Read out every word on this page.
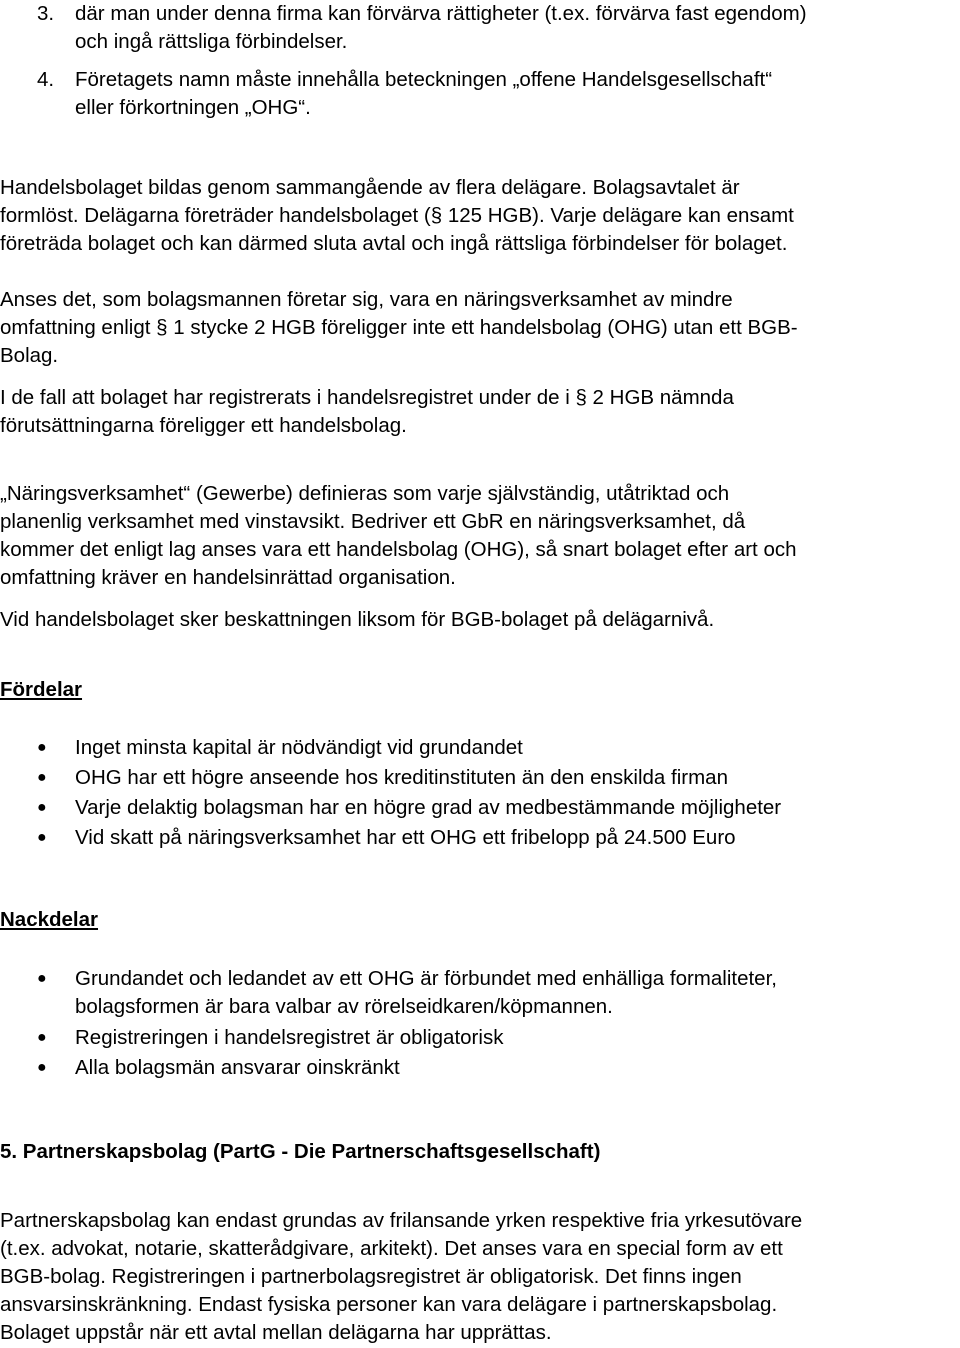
3. där man under denna firma kan förvärva rättigheter (t.ex. förvärva fast egendom)
och ingå rättsliga förbindelser.
4. Företagets namn måste innehålla beteckningen „offene Handelsgesellschaft“
eller förkortningen „OHG“.
Handelsbolaget bildas genom sammangående av flera delägare. Bolagsavtalet är
formlöst. Delägarna företräder handelsbolaget (§ 125 HGB). Varje delägare kan ensamt
företräda bolaget och kan därmed sluta avtal och ingå rättsliga förbindelser för bolaget.
Anses det, som bolagsmannen företar sig, vara en näringsverksamhet av mindre
omfattning enligt § 1 stycke 2 HGB föreligger inte ett handelsbolag (OHG) utan ett BGB-
Bolag.
I de fall att bolaget har registrerats i handelsregistret under de i § 2 HGB nämnda
förutsättningarna föreligger ett handelsbolag.
„Näringsverksamhet“ (Gewerbe) definieras som varje självständig, utåtriktad och
planenlig verksamhet med vinstavsikt. Bedriver ett GbR en näringsverksamhet, då
kommer det enligt lag anses vara ett handelsbolag (OHG), så snart bolaget efter art och
omfattning kräver en handelsinrättad organisation.
Vid handelsbolaget sker beskattningen liksom för BGB-bolaget på delägarnivå.
Fördelar
● Inget minsta kapital är nödvändigt vid grundandet
● OHG har ett högre anseende hos kreditinstituten än den enskilda firman
● Varje delaktig bolagsman har en högre grad av medbestämmande möjligheter
● Vid skatt på näringsverksamhet har ett OHG ett fribelopp på 24.500 Euro
Nackdelar
● Grundandet och ledandet av ett OHG är förbundet med enhälliga formaliteter,
bolagsformen är bara valbar av rörelseidkaren/köpmannen.
● Registreringen i handelsregistret är obligatorisk
● Alla bolagsmän ansvarar oinskränkt
5. Partnerskapsbolag (PartG - Die Partnerschaftsgesellschaft)
Partnerskapsbolag kan endast grundas av frilansande yrken respektive fria yrkesutövare
(t.ex. advokat, notarie, skatterådgivare, arkitekt). Det anses vara en special form av ett
BGB-bolag. Registreringen i partnerbolagsregistret är obligatorisk. Det finns ingen
ansvarsinskränkning. Endast fysiska personer kan vara delägare i partnerskapsbolag.
Bolaget uppstår när ett avtal mellan delägarna har upprättas.
